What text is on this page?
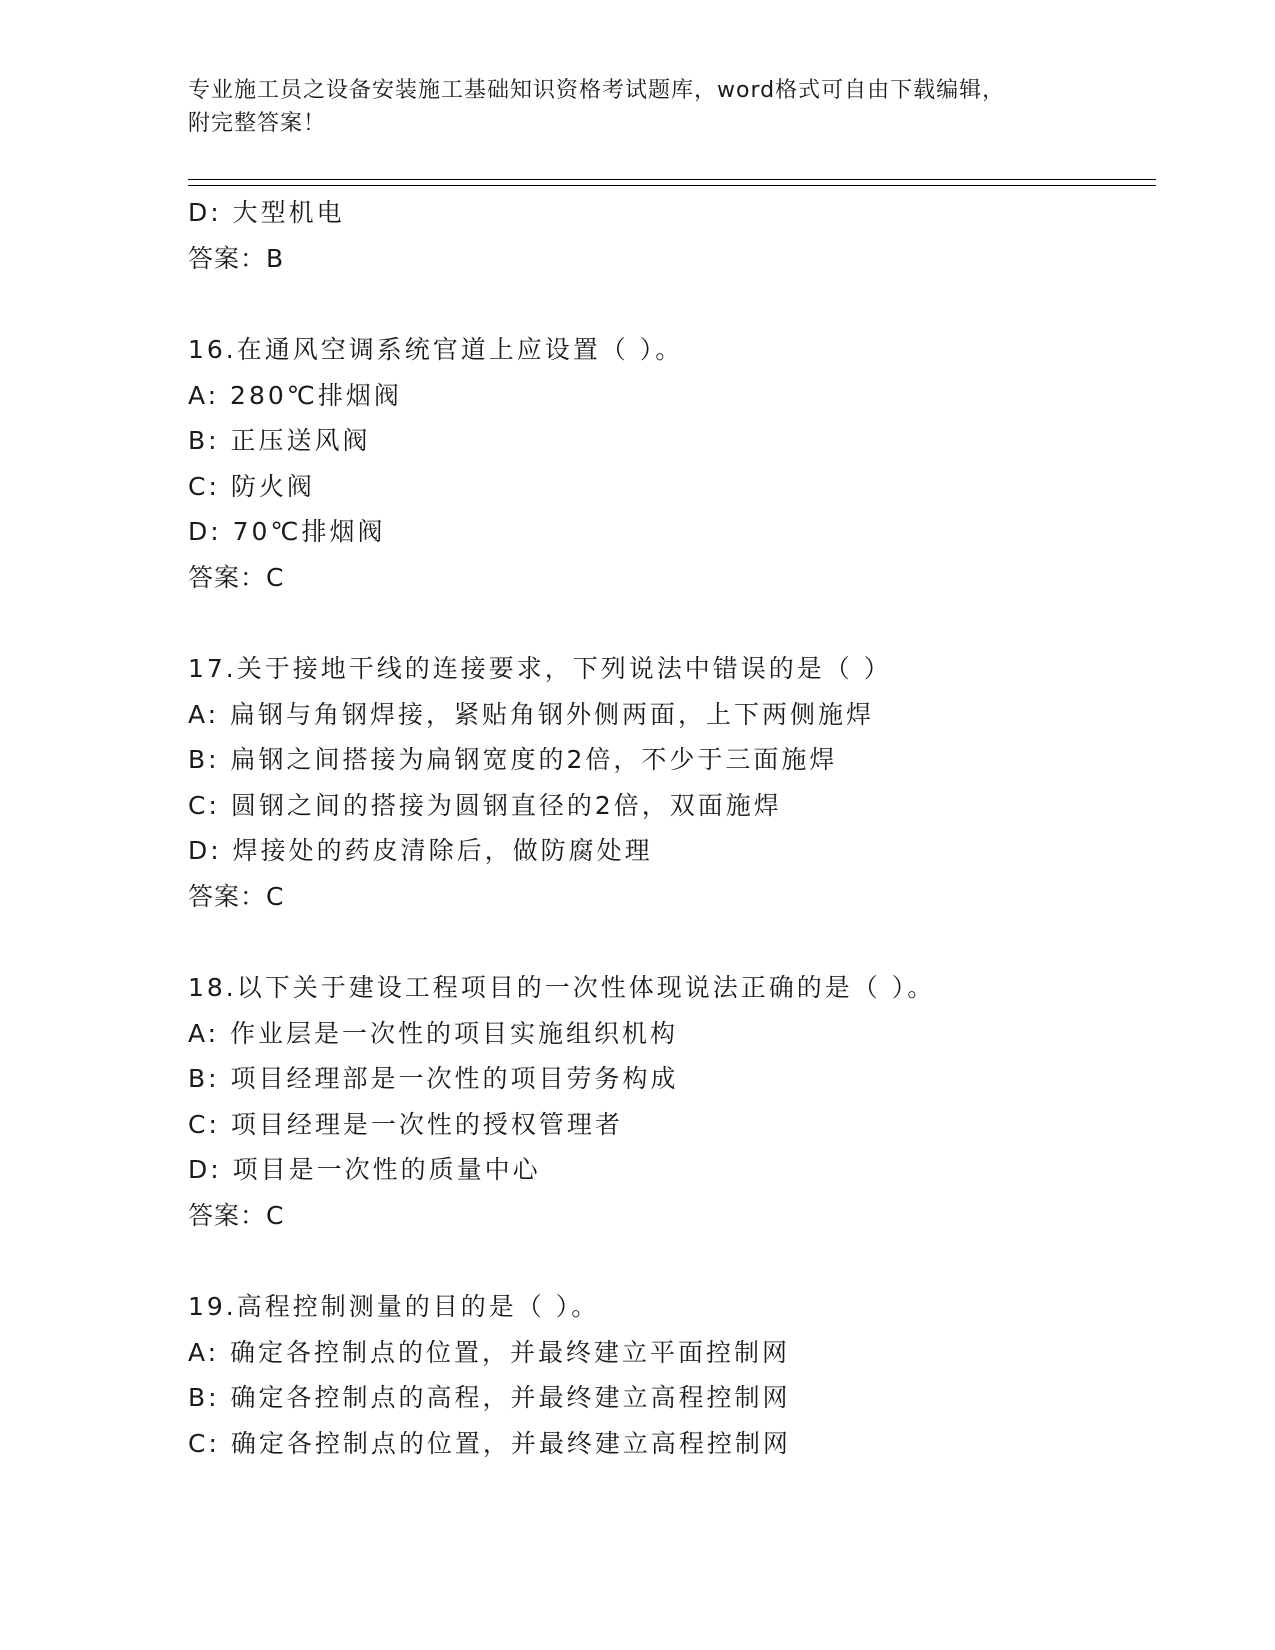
专业施工员之设备安装施工基础知识资格考试题库，word格式可自由下载编辑，
附完整答案！
D: 大型机电
答案：B
16.在通风空调系统官道上应设置（ ）。
A: 280℃排烟阀
B: 正压送风阀
C: 防火阀
D: 70℃排烟阀
答案：C
17.关于接地干线的连接要求，下列说法中错误的是（ ）
A: 扁钢与角钢焊接，紧贴角钢外侧两面，上下两侧施焊
B: 扁钢之间搭接为扁钢宽度的2倍，不少于三面施焊
C: 圆钢之间的搭接为圆钢直径的2倍，双面施焊
D: 焊接处的药皮清除后，做防腐处理
答案：C
18.以下关于建设工程项目的一次性体现说法正确的是（ ）。
A: 作业层是一次性的项目实施组织机构
B: 项目经理部是一次性的项目劳务构成
C: 项目经理是一次性的授权管理者
D: 项目是一次性的质量中心
答案：C
19.高程控制测量的目的是（ ）。
A: 确定各控制点的位置，并最终建立平面控制网
B: 确定各控制点的高程，并最终建立高程控制网
C: 确定各控制点的位置，并最终建立高程控制网
